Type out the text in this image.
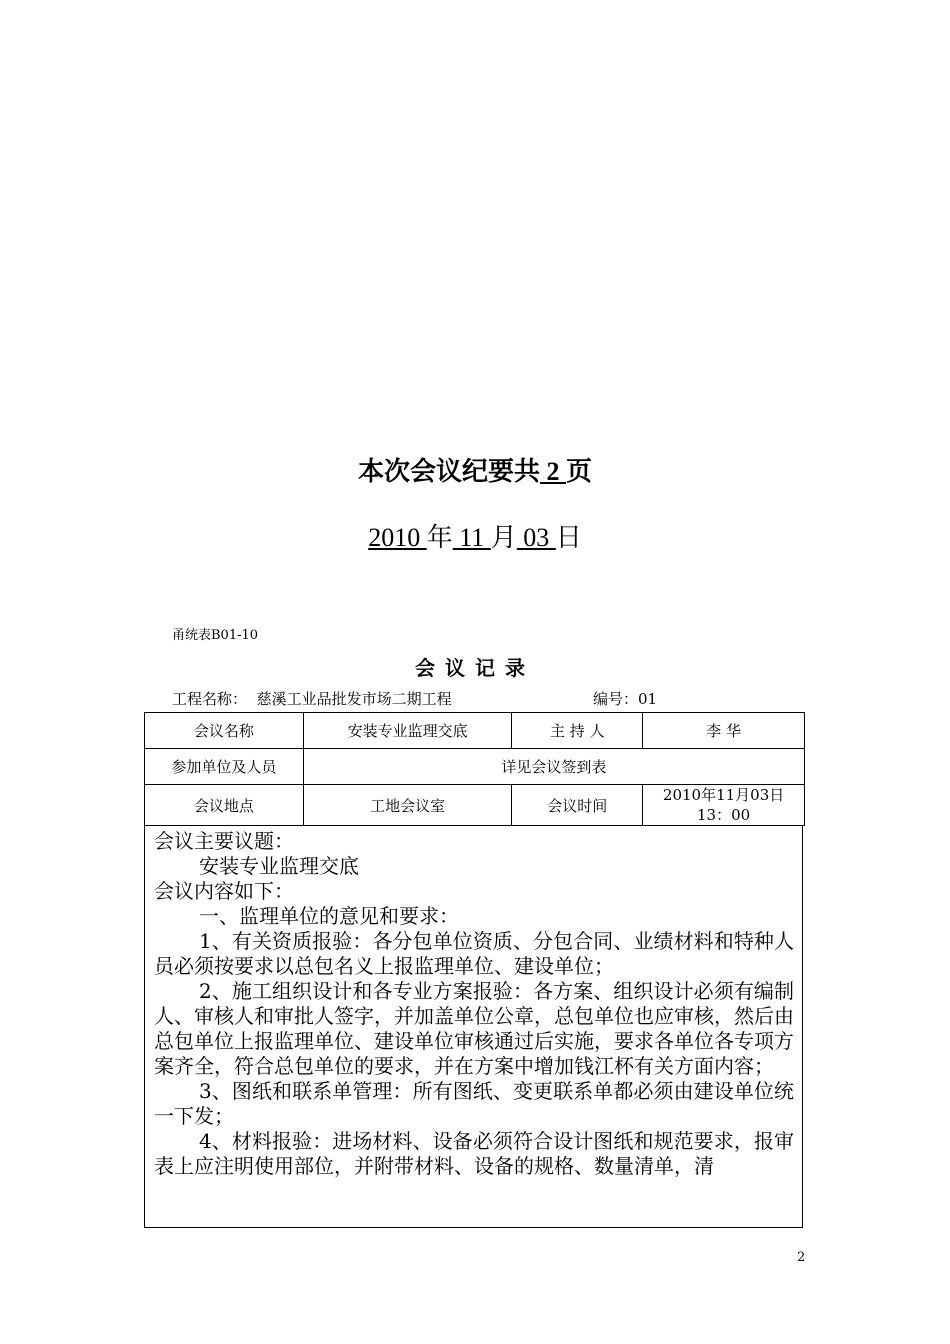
本次会议纪要共 2 页
2010 年 11 月 03 日
甬统表B01-10
会议记录
工程名称： 慈溪工业品批发市场二期工程	编号：01
会议名称	安装专业监理交底	主 持 人	李 华
参加单位及人员	详见会议签到表		
会议地点	工地会议室	会议时间	2010年11月03日
13：00

会议主要议题：

安装专业监理交底

会议内容如下：

一、监理单位的意见和要求：

1、有关资质报验：各分包单位资质、分包合同、业绩材料和特种人员必须按要求以总包名义上报监理单位、建设单位；

2、施工组织设计和各专业方案报验：各方案、组织设计必须有编制人、审核人和审批人签字，并加盖单位公章，总包单位也应审核，然后由总包单位上报监理单位、建设单位审核通过后实施，要求各单位各专项方案齐全，符合总包单位的要求，并在方案中增加钱江杯有关方面内容；

3、图纸和联系单管理：所有图纸、变更联系单都必须由建设单位统一下发；

4、材料报验：进场材料、设备必须符合设计图纸和规范要求，报审表上应注明使用部位，并附带材料、设备的规格、数量清单，清

2
